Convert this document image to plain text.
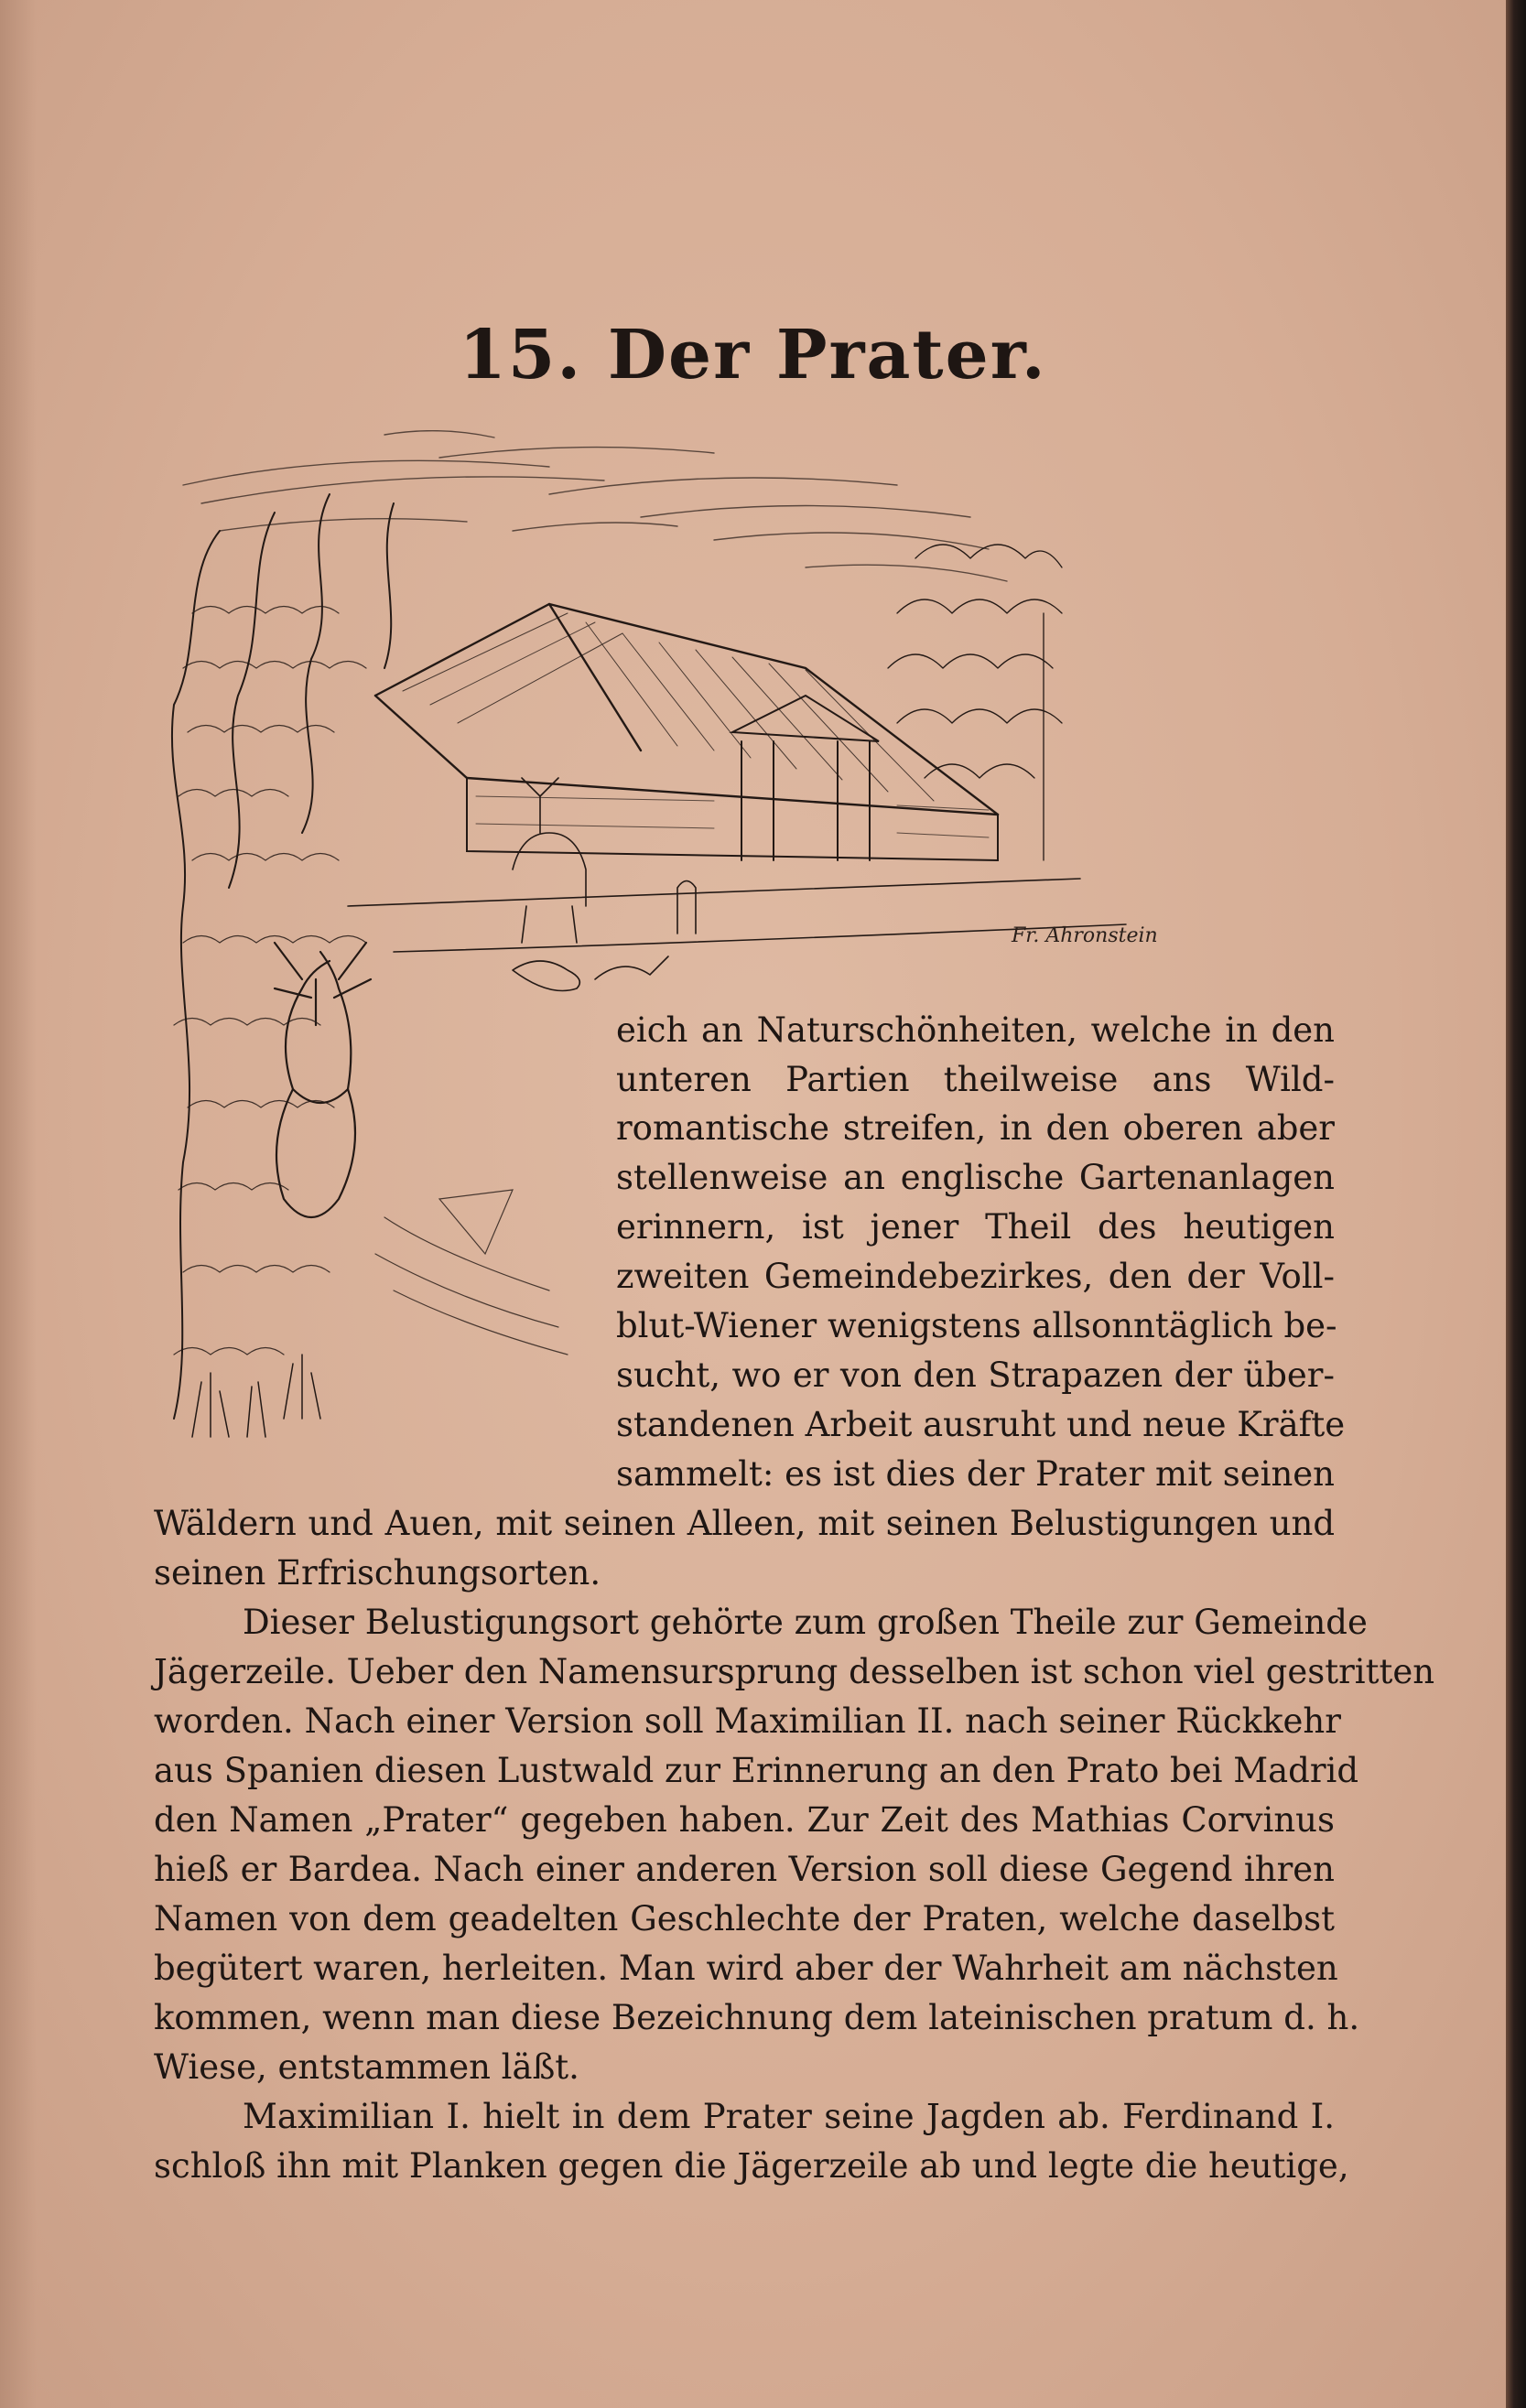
15. Der Prater.
Fr. Ahronstein
eich an Naturschönheiten, welche in den
unteren Partien theilweise ans Wild-
romantische streifen, in den oberen aber
stellenweise an englische Gartenanlagen
erinnern, ist jener Theil des heutigen
zweiten Gemeindebezirkes, den der Voll-
blut-Wiener wenigstens allsonntäglich be-
sucht, wo er von den Strapazen der über-
standenen Arbeit ausruht und neue Kräfte
sammelt: es ist dies der Prater mit seinen
Wäldern und Auen, mit seinen Alleen, mit seinen Belustigungen und
seinen Erfrischungsorten.
Dieser Belustigungsort gehörte zum großen Theile zur Gemeinde
Jägerzeile. Ueber den Namensursprung desselben ist schon viel gestritten
worden. Nach einer Version soll Maximilian II. nach seiner Rückkehr
aus Spanien diesen Lustwald zur Erinnerung an den Prato bei Madrid
den Namen „Prater“ gegeben haben. Zur Zeit des Mathias Corvinus
hieß er Bardea. Nach einer anderen Version soll diese Gegend ihren
Namen von dem geadelten Geschlechte der Praten, welche daselbst
begütert waren, herleiten. Man wird aber der Wahrheit am nächsten
kommen, wenn man diese Bezeichnung dem lateinischen pratum d. h.
Wiese, entstammen läßt.
Maximilian I. hielt in dem Prater seine Jagden ab. Ferdinand I.
schloß ihn mit Planken gegen die Jägerzeile ab und legte die heutige,
